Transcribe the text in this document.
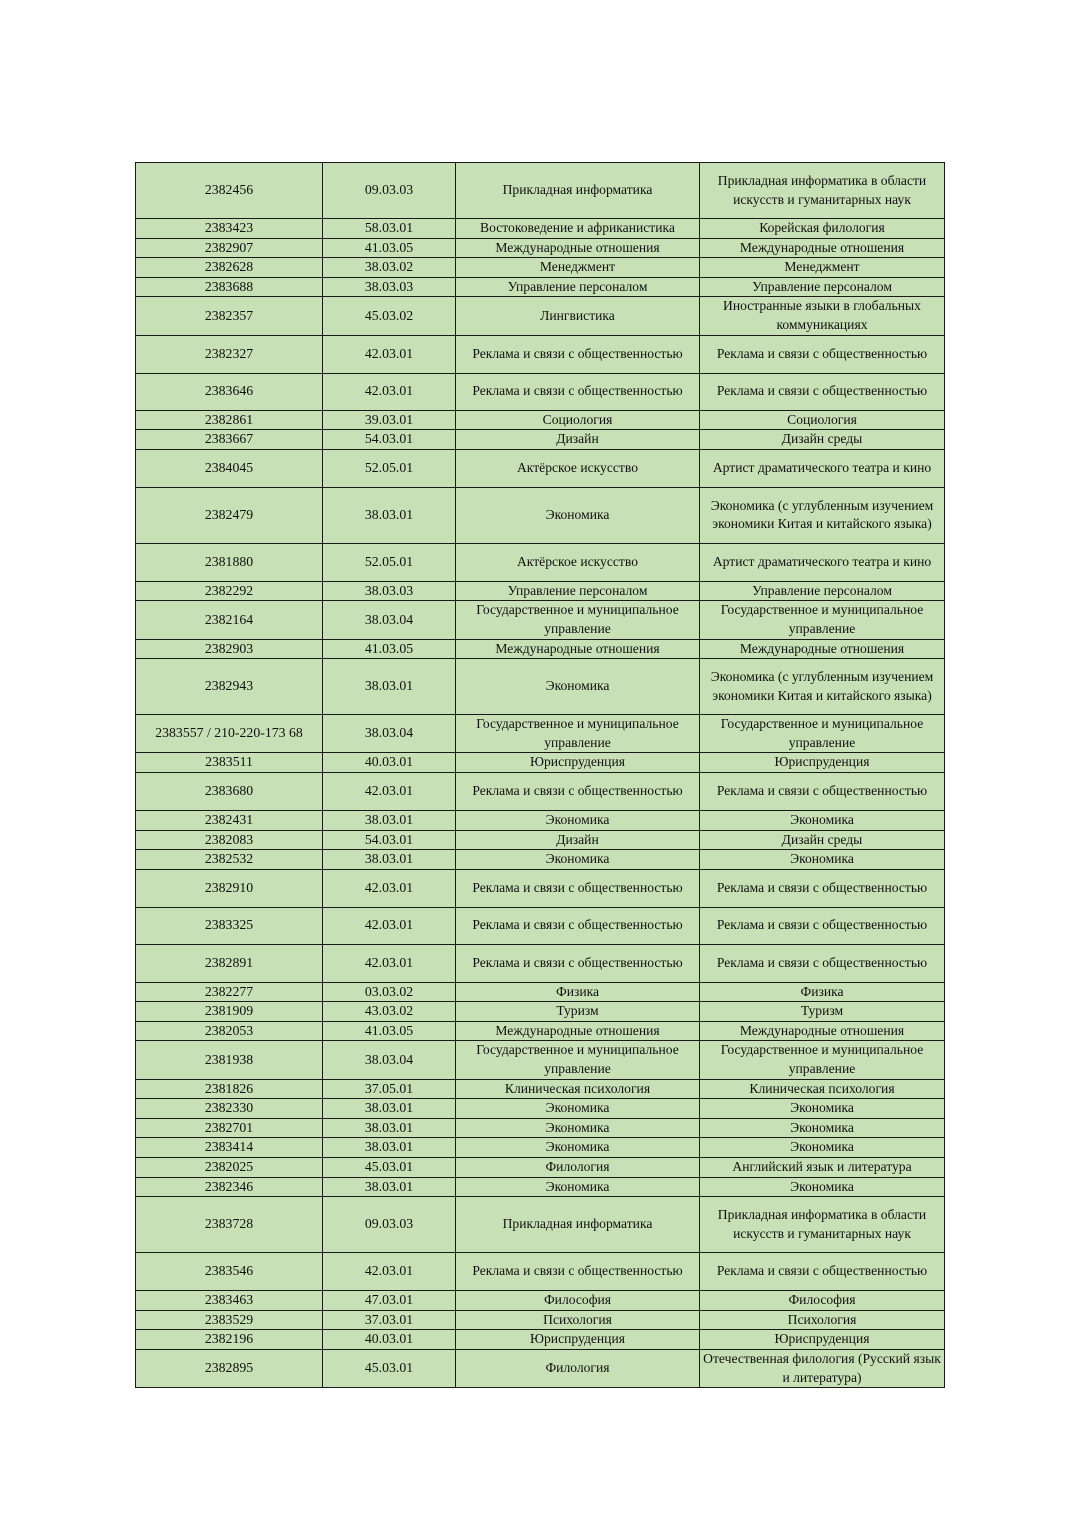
2382456	09.03.03	Прикладная информатика	Прикладная информатика в области искусств и гуманитарных наук
2383423	58.03.01	Востоковедение и африканистика	Корейская филология
2382907	41.03.05	Международные отношения	Международные отношения
2382628	38.03.02	Менеджмент	Менеджмент
2383688	38.03.03	Управление персоналом	Управление персоналом
2382357	45.03.02	Лингвистика	Иностранные языки в глобальных коммуникациях
2382327	42.03.01	Реклама и связи с общественностью	Реклама и связи с общественностью
2383646	42.03.01	Реклама и связи с общественностью	Реклама и связи с общественностью
2382861	39.03.01	Социология	Социология
2383667	54.03.01	Дизайн	Дизайн среды
2384045	52.05.01	Актёрское искусство	Артист драматического театра и кино
2382479	38.03.01	Экономика	Экономика (с углубленным изучением экономики Китая и китайского языка)
2381880	52.05.01	Актёрское искусство	Артист драматического театра и кино
2382292	38.03.03	Управление персоналом	Управление персоналом
2382164	38.03.04	Государственное и муниципальное управление	Государственное и муниципальное управление
2382903	41.03.05	Международные отношения	Международные отношения
2382943	38.03.01	Экономика	Экономика (с углубленным изучением экономики Китая и китайского языка)
2383557 / 210-220-173 68	38.03.04	Государственное и муниципальное управление	Государственное и муниципальное управление
2383511	40.03.01	Юриспруденция	Юриспруденция
2383680	42.03.01	Реклама и связи с общественностью	Реклама и связи с общественностью
2382431	38.03.01	Экономика	Экономика
2382083	54.03.01	Дизайн	Дизайн среды
2382532	38.03.01	Экономика	Экономика
2382910	42.03.01	Реклама и связи с общественностью	Реклама и связи с общественностью
2383325	42.03.01	Реклама и связи с общественностью	Реклама и связи с общественностью
2382891	42.03.01	Реклама и связи с общественностью	Реклама и связи с общественностью
2382277	03.03.02	Физика	Физика
2381909	43.03.02	Туризм	Туризм
2382053	41.03.05	Международные отношения	Международные отношения
2381938	38.03.04	Государственное и муниципальное управление	Государственное и муниципальное управление
2381826	37.05.01	Клиническая психология	Клиническая психология
2382330	38.03.01	Экономика	Экономика
2382701	38.03.01	Экономика	Экономика
2383414	38.03.01	Экономика	Экономика
2382025	45.03.01	Филология	Английский язык и литература
2382346	38.03.01	Экономика	Экономика
2383728	09.03.03	Прикладная информатика	Прикладная информатика в области искусств и гуманитарных наук
2383546	42.03.01	Реклама и связи с общественностью	Реклама и связи с общественностью
2383463	47.03.01	Философия	Философия
2383529	37.03.01	Психология	Психология
2382196	40.03.01	Юриспруденция	Юриспруденция
2382895	45.03.01	Филология	Отечественная филология (Русский язык и литература)
